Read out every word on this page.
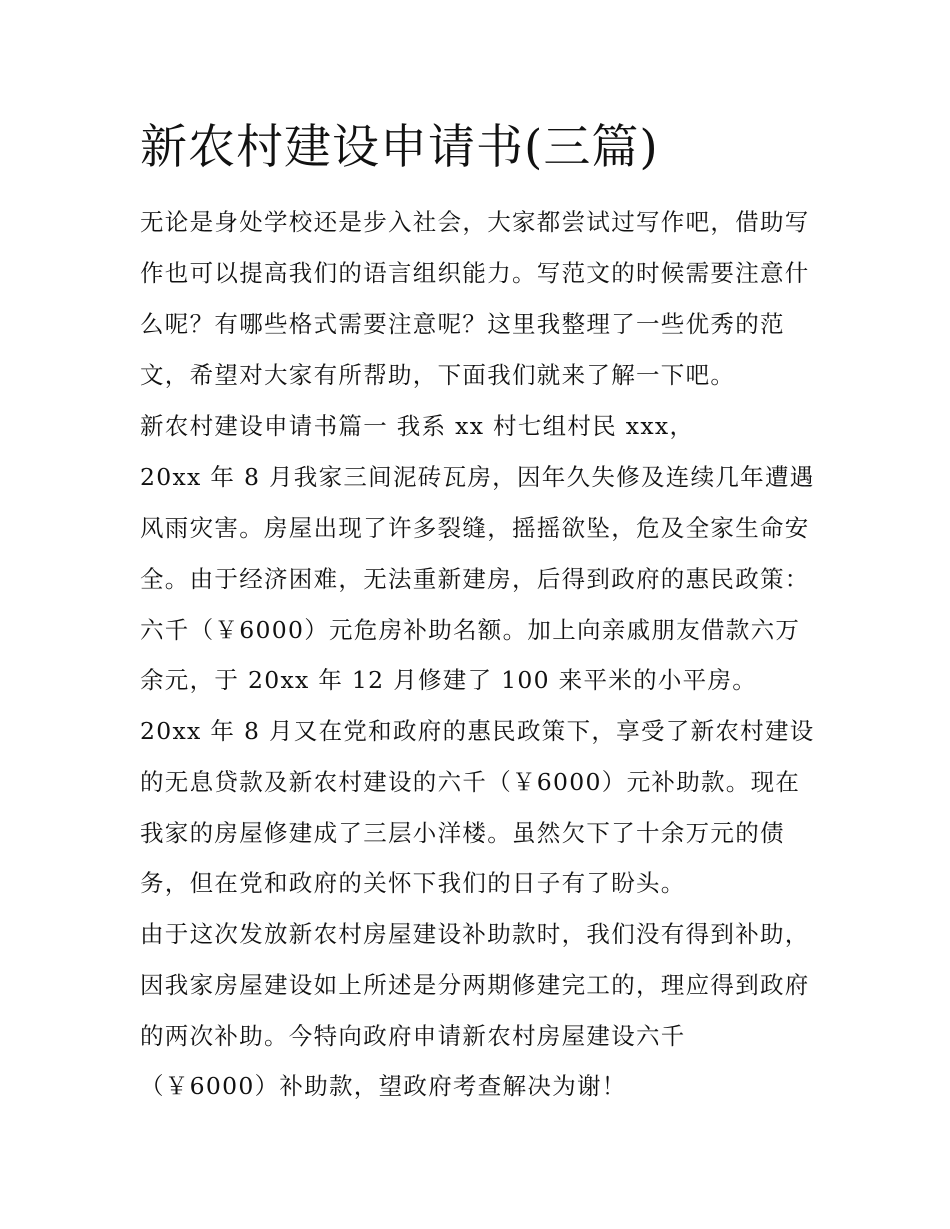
新农村建设申请书(三篇)

无论是身处学校还是步入社会，大家都尝试过写作吧，借助写

作也可以提高我们的语言组织能力。写范文的时候需要注意什

么呢？有哪些格式需要注意呢？这里我整理了一些优秀的范

文，希望对大家有所帮助，下面我们就来了解一下吧。

新农村建设申请书篇一 我系 xx 村七组村民 xxx，

20xx 年 8 月我家三间泥砖瓦房，因年久失修及连续几年遭遇

风雨灾害。房屋出现了许多裂缝，摇摇欲坠，危及全家生命安

全。由于经济困难，无法重新建房，后得到政府的惠民政策：

六千（￥6000）元危房补助名额。加上向亲戚朋友借款六万

余元，于 20xx 年 12 月修建了 100 来平米的小平房。

20xx 年 8 月又在党和政府的惠民政策下，享受了新农村建设

的无息贷款及新农村建设的六千（￥6000）元补助款。现在

我家的房屋修建成了三层小洋楼。虽然欠下了十余万元的债

务，但在党和政府的关怀下我们的日子有了盼头。

由于这次发放新农村房屋建设补助款时，我们没有得到补助，

因我家房屋建设如上所述是分两期修建完工的，理应得到政府

的两次补助。今特向政府申请新农村房屋建设六千

（￥6000）补助款，望政府考查解决为谢！
